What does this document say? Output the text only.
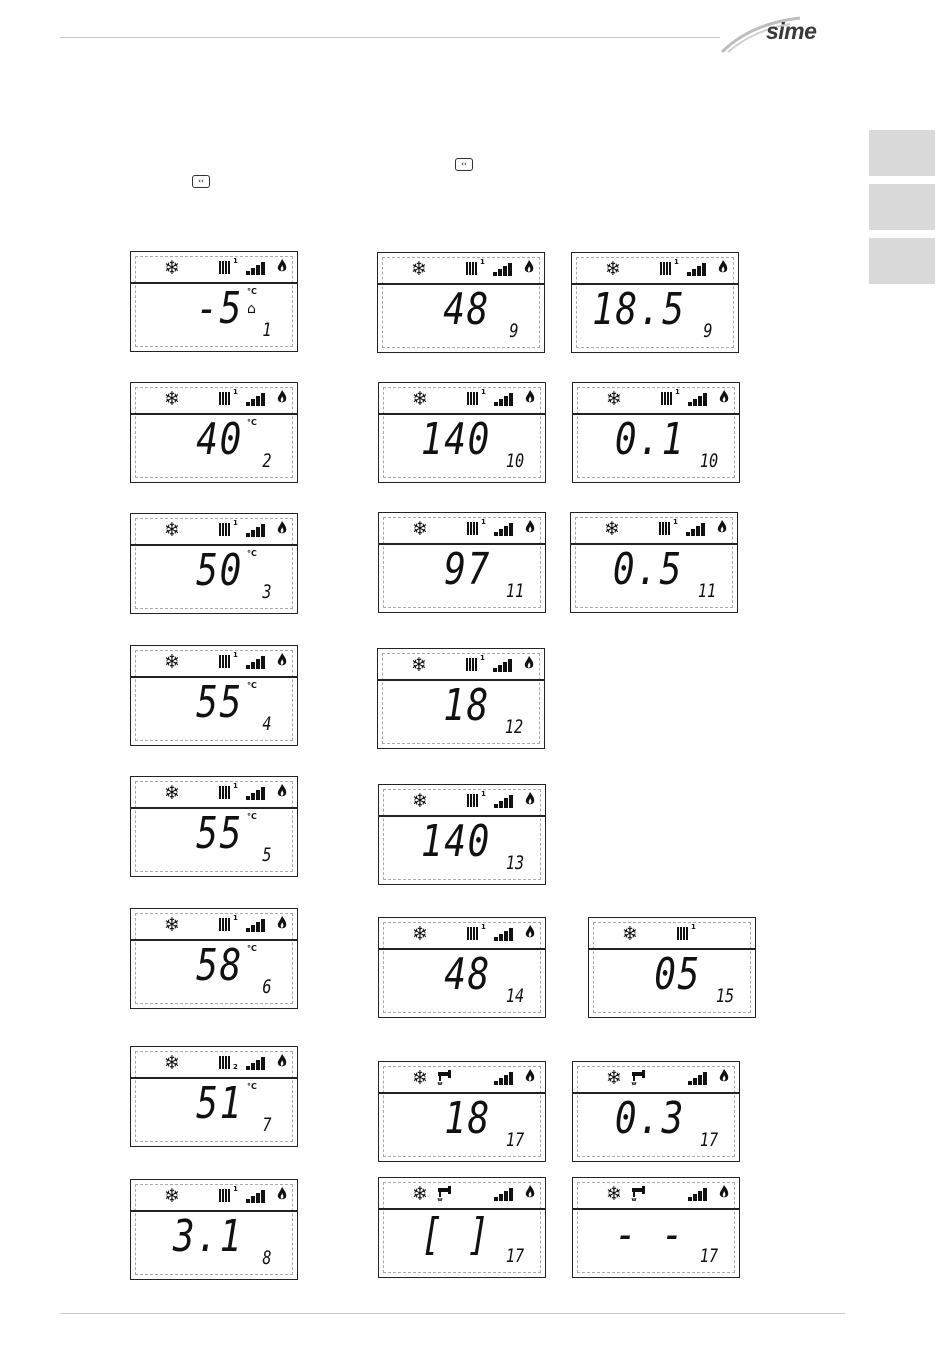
sime
‹‹
‹‹
❄	1
-5 °C
⌂
1
❄	1
40 °C
2
❄	1
50 °C
3
❄	1
55 °C
4
❄	1
55 °C
5
❄	1
58 °C
6
❄	2
51 °C
7
❄	1
3.1	8
❄	1
48	9
❄	1
18.5 9
❄	1
140 10
❄	1
0.1 10
❄	1
97 11
❄	1
0.5 11
❄	1
18 12
❄	1
140 13
❄	1
48 14
❄	1
05 15
❄
18 17
❄
0.3 17
❄
[ ] 17
❄
- - 17
